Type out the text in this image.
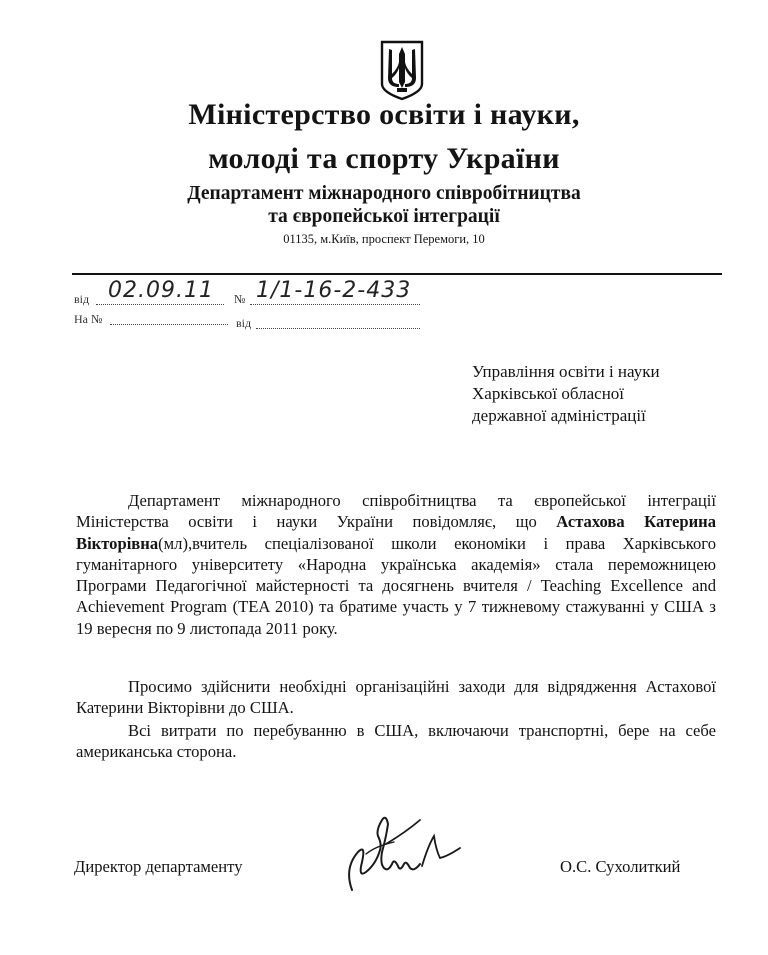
Міністерство освіти і науки,
молоді та спорту України
Департамент міжнародного співробітництва
та європейської інтеграції
01135, м.Київ, проспект Перемоги, 10
від 02.09.11 № 1/1-16-2-433
На №	від
Управління освіти і науки
Харківської обласної
державної адміністрації

Департамент міжнародного співробітництва та європейської інтеграції Міністерства освіти і науки України повідомляє, що Астахова Катерина Вікторівна(мл),вчитель спеціалізованої школи економіки і права Харківського гуманітарного університету «Народна українська академія» стала переможницею Програми Педагогічної майстерності та досягнень вчителя / Teaching Excellence and Achievement Program (TEA 2010) та братиме участь у 7 тижневому стажуванні у США з 19 вересня по 9 листопада 2011 року.

Просимо здійснити необхідні організаційні заходи для відрядження Астахової Катерини Вікторівни до США.

Всі витрати по перебуванню в США, включаючи транспортні, бере на себе американська сторона.

Директор департаменту	О.С. Сухолиткий
